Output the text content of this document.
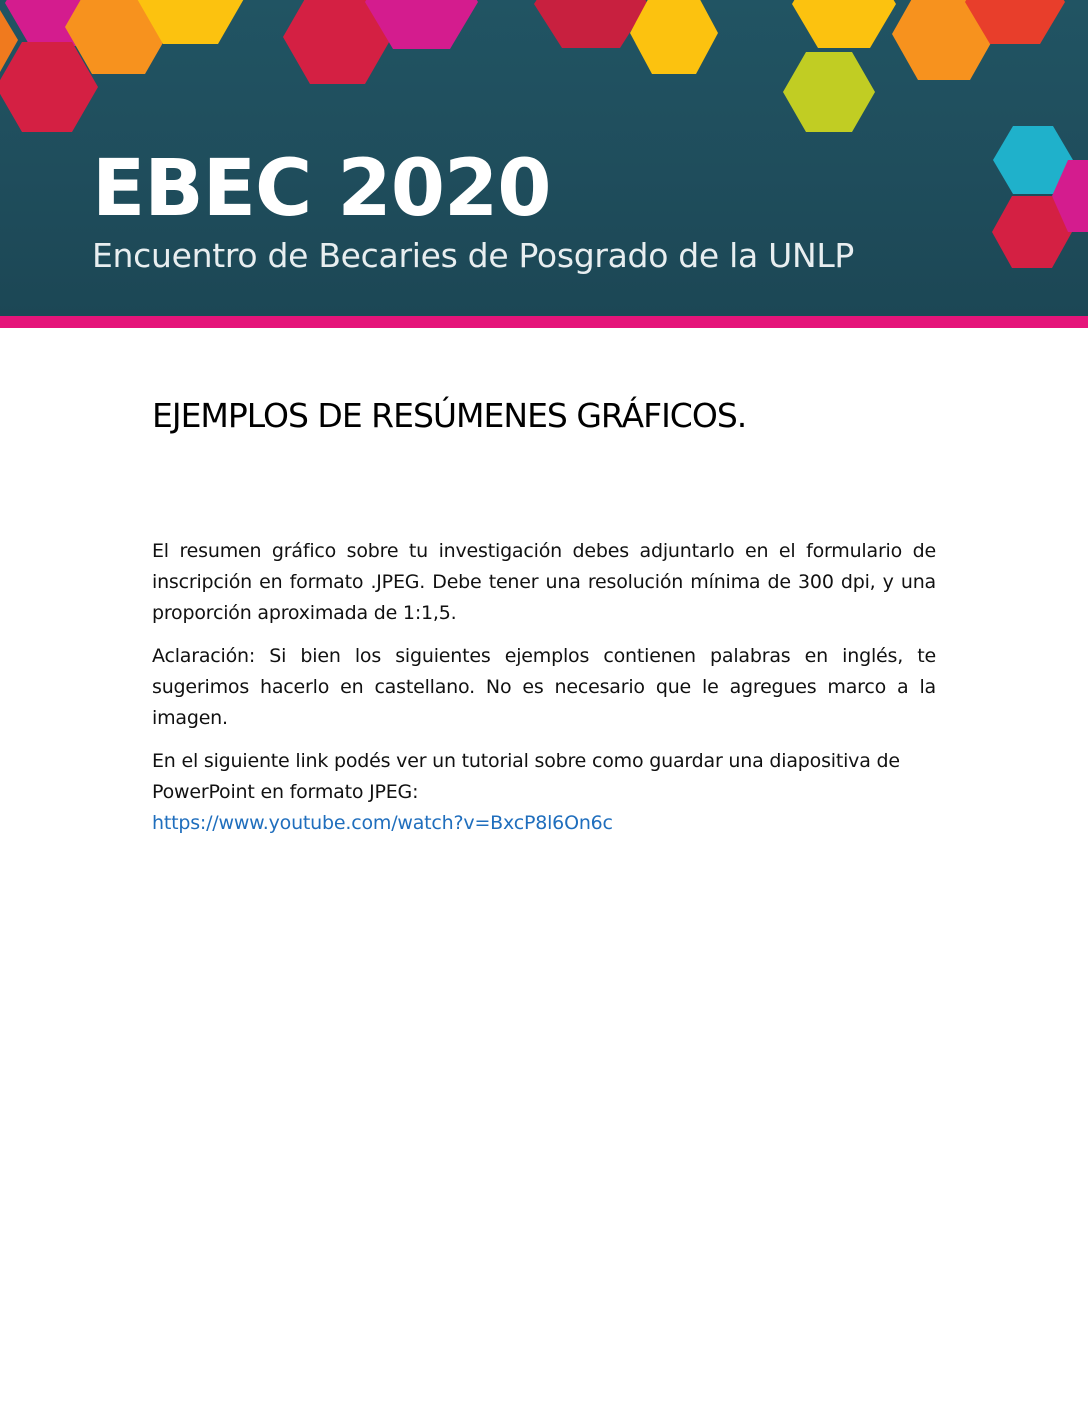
EBEC 2020

Encuentro de Becaries de Posgrado de la UNLP

EJEMPLOS DE RESÚMENES GRÁFICOS.

El resumen gráfico sobre tu investigación debes adjuntarlo en el formulario de inscripción en formato .JPEG. Debe tener una resolución mínima de 300 dpi, y una proporción aproximada de 1:1,5.

Aclaración: Si bien los siguientes ejemplos contienen palabras en inglés, te sugerimos hacerlo en castellano. No es necesario que le agregues marco a la imagen.

En el siguiente link podés ver un tutorial sobre como guardar una diapositiva de PowerPoint en formato JPEG:

https://www.youtube.com/watch?v=BxcP8l6On6c
